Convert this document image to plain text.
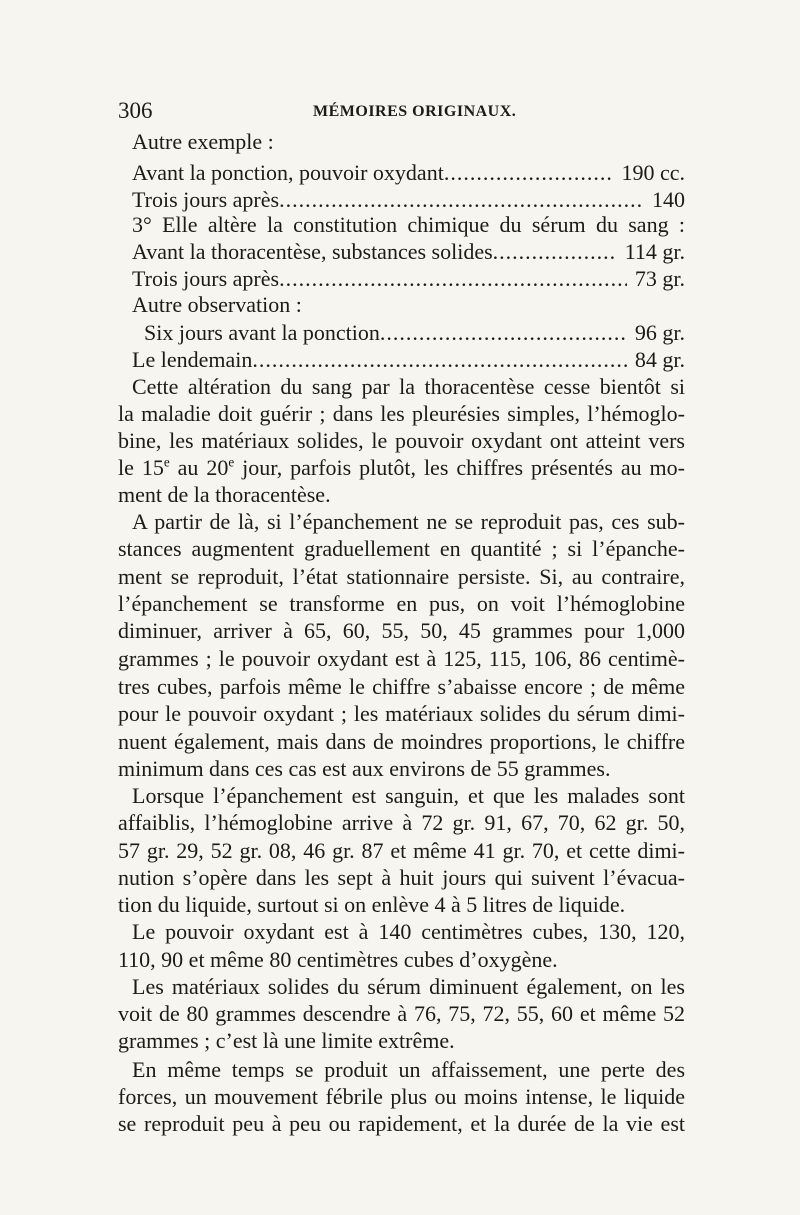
306	MÉMOIRES ORIGINAUX.
Autre exemple :
Avant la ponction, pouvoir oxydant .....	190 cc.
Trois jours après .....	140
3° Elle altère la constitution chimique du sérum du sang :
Avant la thoracentèse, substances solides .....	114 gr.
Trois jours après .....	73 gr.
Autre observation :
Six jours avant la ponction .....	96 gr.
Le lendemain .....	84 gr.
Cette altération du sang par la thoracentèse cesse bientôt si
la maladie doit guérir ; dans les pleurésies simples, l’hémoglo-
bine, les matériaux solides, le pouvoir oxydant ont atteint vers
le 15e au 20e jour, parfois plutôt, les chiffres présentés au mo-
ment de la thoracentèse.
A partir de là, si l’épanchement ne se reproduit pas, ces sub-
stances augmentent graduellement en quantité ; si l’épanche-
ment se reproduit, l’état stationnaire persiste. Si, au contraire,
l’épanchement se transforme en pus, on voit l’hémoglobine
diminuer, arriver à 65, 60, 55, 50, 45 grammes pour 1,000
grammes ; le pouvoir oxydant est à 125, 115, 106, 86 centimè-
tres cubes, parfois même le chiffre s’abaisse encore ; de même
pour le pouvoir oxydant ; les matériaux solides du sérum dimi-
nuent également, mais dans de moindres proportions, le chiffre
minimum dans ces cas est aux environs de 55 grammes.
Lorsque l’épanchement est sanguin, et que les malades sont
affaiblis, l’hémoglobine arrive à 72 gr. 91, 67, 70, 62 gr. 50,
57 gr. 29, 52 gr. 08, 46 gr. 87 et même 41 gr. 70, et cette dimi-
nution s’opère dans les sept à huit jours qui suivent l’évacua-
tion du liquide, surtout si on enlève 4 à 5 litres de liquide.
Le pouvoir oxydant est à 140 centimètres cubes, 130, 120,
110, 90 et même 80 centimètres cubes d’oxygène.
Les matériaux solides du sérum diminuent également, on les
voit de 80 grammes descendre à 76, 75, 72, 55, 60 et même 52
grammes ; c’est là une limite extrême.
En même temps se produit un affaissement, une perte des
forces, un mouvement fébrile plus ou moins intense, le liquide
se reproduit peu à peu ou rapidement, et la durée de la vie est
